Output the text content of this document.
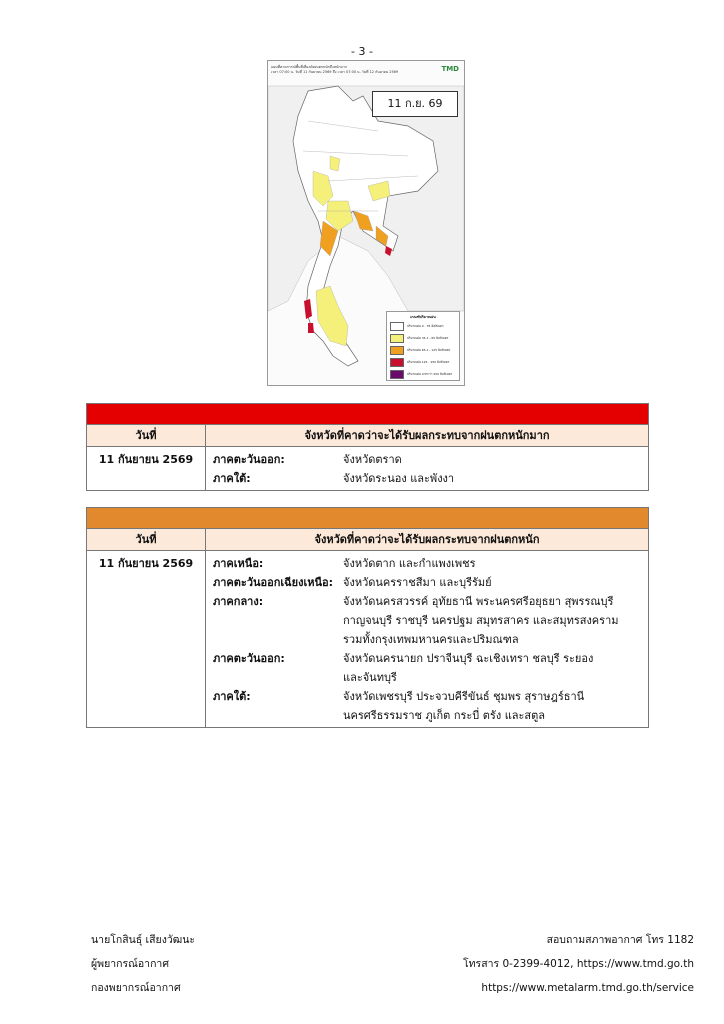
- 3 -
แผนที่คาดการณ์พื้นที่เสี่ยงภัยฝนตกหนักถึงหนักมาก
เวลา 07:00 น. วันที่ 11 กันยายน 2569 ถึง เวลา 07:00 น. วันที่ 12 กันยายน 2569	TMD
11 ก.ย. 69
เกณฑ์ปริมาณฝน
ปริมาณฝน 0 - 35 มิลลิเมตร
ปริมาณฝน 35.1 - 65 มิลลิเมตร
ปริมาณฝน 65.1 - 125 มิลลิเมตร
ปริมาณฝน 125 - 250 มิลลิเมตร
ปริมาณฝน มากกว่า 250 มิลลิเมตร
วันที่	จังหวัดที่คาดว่าจะได้รับผลกระทบจากฝนตกหนักมาก
11 กันยายน 2569	ภาคตะวันออก:	จังหวัดตราด
ภาคใต้:	จังหวัดระนอง และพังงา
วันที่	จังหวัดที่คาดว่าจะได้รับผลกระทบจากฝนตกหนัก
11 กันยายน 2569	ภาคเหนือ:	จังหวัดตาก และกำแพงเพชร
ภาคตะวันออกเฉียงเหนือ: จังหวัดนครราชสีมา และบุรีรัมย์
ภาคกลาง:	จังหวัดนครสวรรค์ อุทัยธานี พระนครศรีอยุธยา สุพรรณบุรี
กาญจนบุรี ราชบุรี นครปฐม สมุทรสาคร และสมุทรสงคราม
รวมทั้งกรุงเทพมหานครและปริมณฑล
ภาคตะวันออก:	จังหวัดนครนายก ปราจีนบุรี ฉะเชิงเทรา ชลบุรี ระยอง
และจันทบุรี
ภาคใต้:	จังหวัดเพชรบุรี ประจวบคีรีขันธ์ ชุมพร สุราษฎร์ธานี
นครศรีธรรมราช ภูเก็ต กระบี่ ตรัง และสตูล
นายโกสินธุ์ เสียงวัฒนะ
ผู้พยากรณ์อากาศ
กองพยากรณ์อากาศ
สอบถามสภาพอากาศ โทร 1182
โทรสาร 0-2399-4012, https://www.tmd.go.th
https://www.metalarm.tmd.go.th/service
